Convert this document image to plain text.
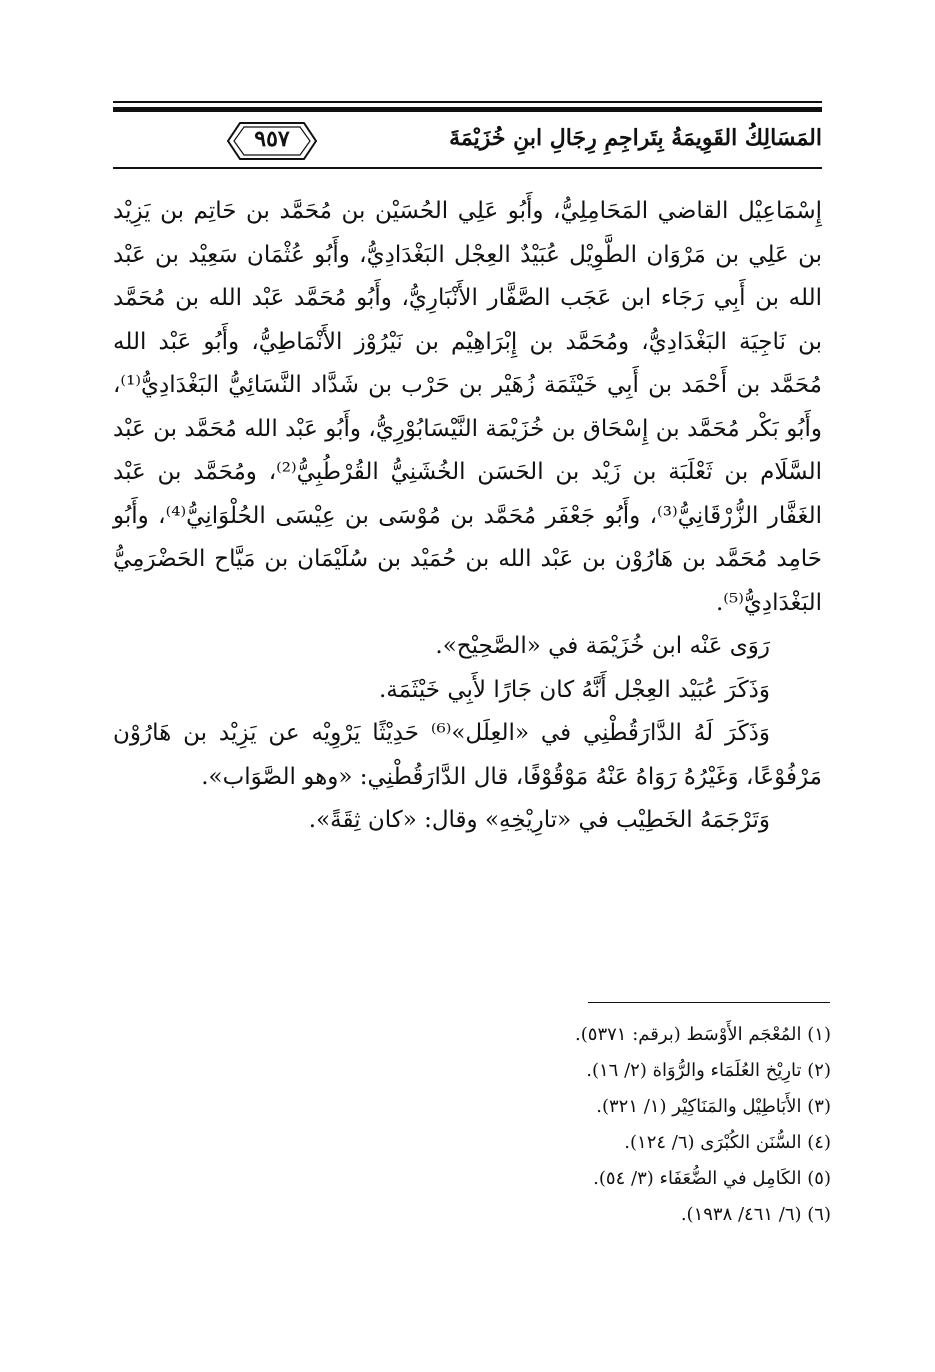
المَسَالِكُ القَوِيمَةُ بِتَراجِمِ رِجَالِ ابنِ خُزَيْمَةَ
٩٥٧

إِسْمَاعِيْل القاضي المَحَامِلِيُّ، وأَبُو عَلِي الحُسَيْن بن مُحَمَّد بن حَاتِم بن يَزِيْد بن عَلِي بن مَرْوَان الطَّوِيْل عُبَيْدٌ العِجْل البَغْدَادِيُّ، وأَبُو عُثْمَان سَعِيْد بن عَبْد الله بن أَبِي رَجَاء ابن عَجَب الصَّفَّار الأَنْبَارِيُّ، وأَبُو مُحَمَّد عَبْد الله بن مُحَمَّد بن نَاجِيَة البَغْدَادِيُّ، ومُحَمَّد بن إِبْرَاهِيْم بن نَيْرُوْز الأَنْمَاطِيُّ، وأَبُو عَبْد الله مُحَمَّد بن أَحْمَد بن أَبِي خَيْثَمَة زُهَيْر بن حَرْب بن شَدَّاد النَّسَائِيُّ البَغْدَادِيُّ⁽¹⁾، وأَبُو بَكْر مُحَمَّد بن إِسْحَاق بن خُزَيْمَة النَّيْسَابُوْرِيُّ، وأَبُو عَبْد الله مُحَمَّد بن عَبْد السَّلَام بن ثَعْلَبَة بن زَيْد بن الحَسَن الخُشَنِيُّ القُرْطُبِيُّ⁽²⁾، ومُحَمَّد بن عَبْد الغَفَّار الزُّرْقَانِيُّ⁽³⁾، وأَبُو جَعْفَر مُحَمَّد بن مُوْسَى بن عِيْسَى الحُلْوَانِيُّ⁽⁴⁾، وأَبُو حَامِد مُحَمَّد بن هَارُوْن بن عَبْد الله بن حُمَيْد بن سُلَيْمَان بن مَيَّاح الحَضْرَمِيُّ البَغْدَادِيُّ⁽⁵⁾.

رَوَى عَنْه ابن خُزَيْمَة في «الصَّحِيْح».

وَذَكَرَ عُبَيْد العِجْل أَنَّهُ كان جَارًا لأَبِي خَيْثَمَة.

وَذَكَرَ لَهُ الدَّارَقُطْنِي في «العِلَل»⁽⁶⁾ حَدِيْثًا يَرْوِيْه عن يَزِيْد بن هَارُوْن مَرْفُوْعًا، وَغَيْرُهُ رَوَاهُ عَنْهُ مَوْقُوْفًا، قال الدَّارَقُطْنِي: «وهو الصَّوَاب».

وَتَرْجَمَهُ الخَطِيْب في «تارِيْخِهِ» وقال: «كان ثِقَةً».

(١) المُعْجَم الأَوْسَط (برقم: ٥٣٧١).
(٢) تارِيْخ العُلَمَاء والرُّوَاة (٢/ ١٦).
(٣) الأَبَاطِيْل والمَنَاكِيْر (١/ ٣٢١).
(٤) السُّنَن الكُبْرَى (٦/ ١٢٤).
(٥) الكَامِل في الضُّعَفَاء (٣/ ٥٤).
(٦) (٦/ ٤٦١/ ١٩٣٨).
